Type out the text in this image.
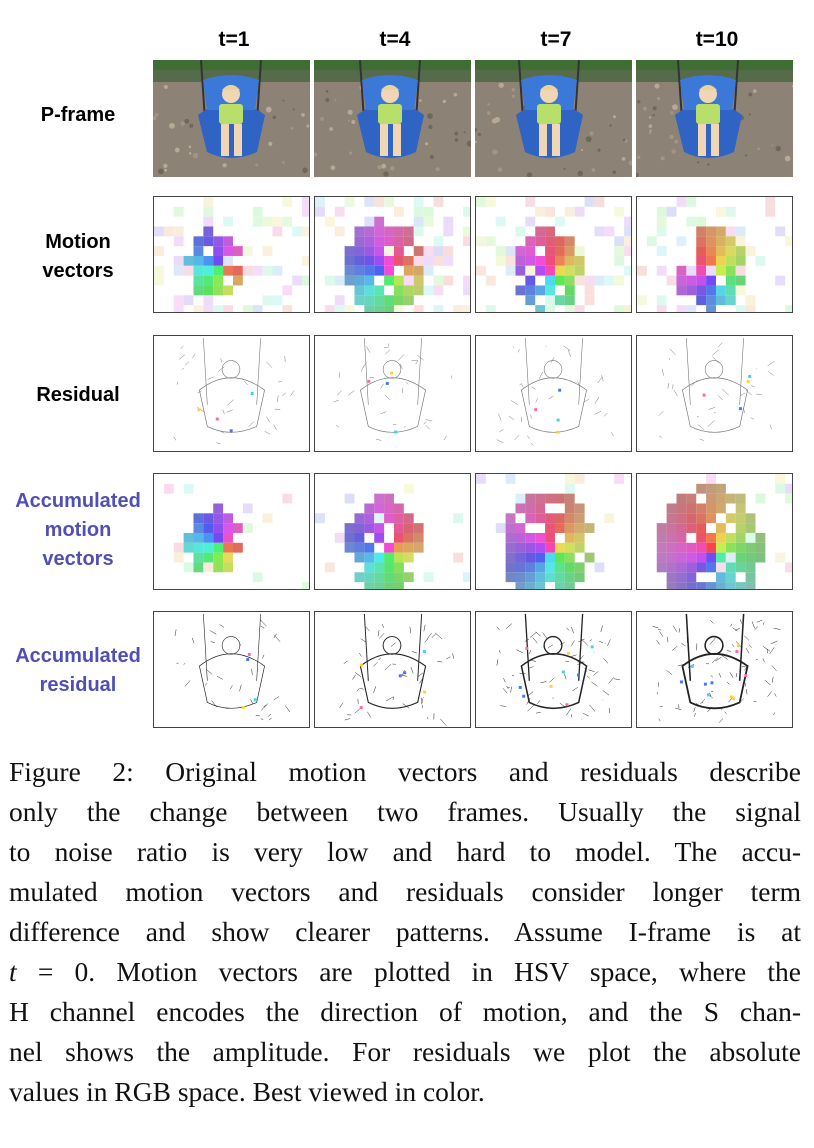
t=1	t=4	t=7	t=10
P-frame
Motion
vectors
Residual
Accumulated
motion
vectors
Accumulated
residual
Figure 2: Original motion vectors and residuals describe
only the change between two frames. Usually the signal
to noise ratio is very low and hard to model. The accu-
mulated motion vectors and residuals consider longer term
difference and show clearer patterns. Assume I-frame is at
t = 0. Motion vectors are plotted in HSV space, where the
H channel encodes the direction of motion, and the S chan-
nel shows the amplitude. For residuals we plot the absolute
values in RGB space. Best viewed in color.
